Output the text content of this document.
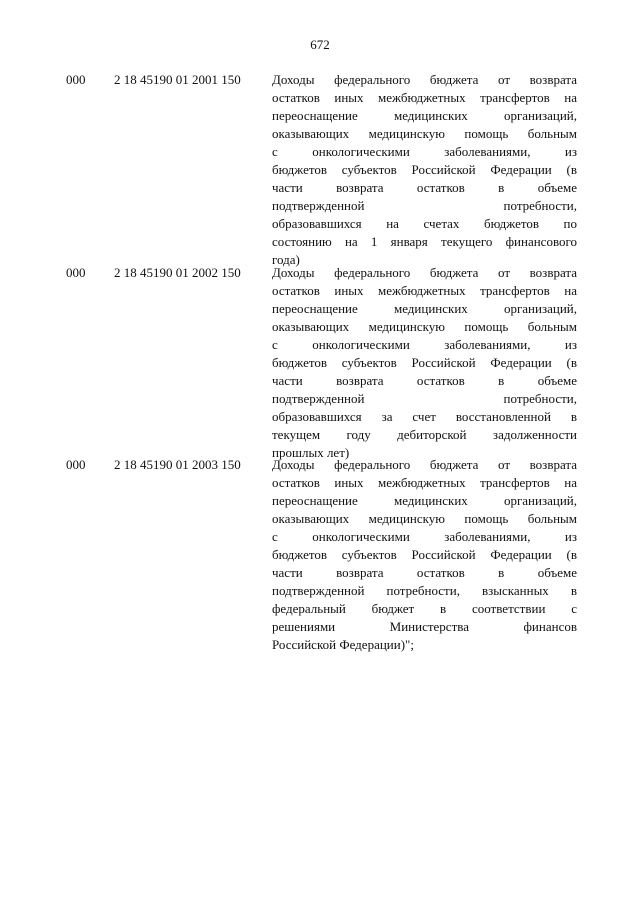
672
000	2 18 45190 01 2001 150	Доходы федерального бюджета от возврата
остатков иных межбюджетных трансфертов на
переоснащение медицинских организаций,
оказывающих медицинскую помощь больным
с онкологическими заболеваниями, из
бюджетов субъектов Российской Федерации (в
части возврата остатков в объеме
подтвержденной потребности,
образовавшихся на счетах бюджетов по
состоянию на 1 января текущего финансового
года)
000	2 18 45190 01 2002 150	Доходы федерального бюджета от возврата
остатков иных межбюджетных трансфертов на
переоснащение медицинских организаций,
оказывающих медицинскую помощь больным
с онкологическими заболеваниями, из
бюджетов субъектов Российской Федерации (в
части возврата остатков в объеме
подтвержденной потребности,
образовавшихся за счет восстановленной в
текущем году дебиторской задолженности
прошлых лет)
000	2 18 45190 01 2003 150	Доходы федерального бюджета от возврата
остатков иных межбюджетных трансфертов на
переоснащение медицинских организаций,
оказывающих медицинскую помощь больным
с онкологическими заболеваниями, из
бюджетов субъектов Российской Федерации (в
части возврата остатков в объеме
подтвержденной потребности, взысканных в
федеральный бюджет в соответствии с
решениями Министерства финансов
Российской Федерации)";
